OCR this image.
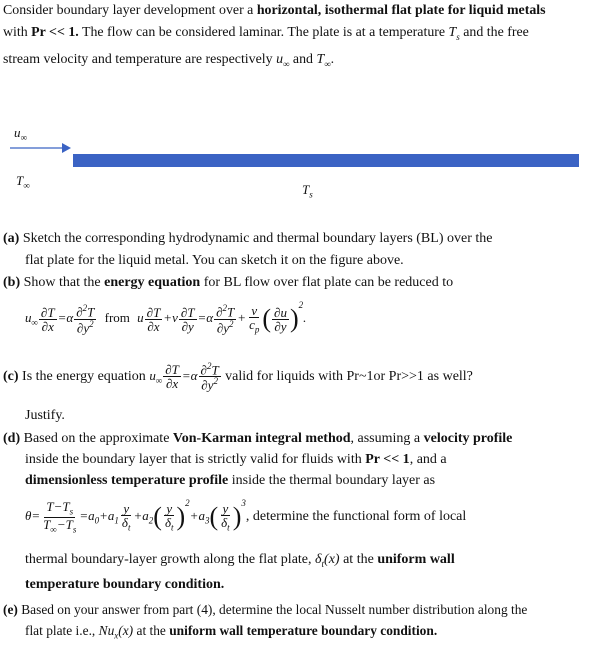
Consider boundary layer development over a horizontal, isothermal flat plate for liquid metals
with Pr << 1. The flow can be considered laminar. The plate is at a temperature $T_s$ and the free
stream velocity and temperature are respectively $u_\infty$ and $T_\infty$.
$u_\infty$
$T_\infty$	$T_s$
(a) Sketch the corresponding hydrodynamic and thermal boundary layers (BL) over the
flat plate for the liquid metal. You can sketch it on the figure above.
(b) Show that the energy equation for BL flow over flat plate can be reduced to
$u_\infty \frac{\partial T}{\partial x} =\alpha \frac{\partial^2T}{\partial y^2}$ from u $\frac{\partial T}{\partial x} +v \frac{\partial T}{\partial y} =\alpha \frac{\partial^2T}{\partial y^2} + \frac{\nu}{c_p}$ ( $\frac{\partial u}{\partial y} )^2$.
(c) Is the energy equation $u_\infty \frac{\partial T}{\partial x} =\alpha \frac{\partial^2T}{\partial y^2}$ valid for liquids with Pr~1or Pr>>1 as well?
Justify.
(d) Based on the approximate Von-Karman integral method, assuming a velocity profile
inside the boundary layer that is strictly valid for fluids with Pr << 1, and a
dimensionless temperature profile inside the thermal boundary layer as
$\theta= \frac{T-T_s}{T_\infty-T_s} =a_0+a_1 \frac{y}{\delta_t} +a_2( \frac{y}{\delta_t} )^2+a_3( \frac{y}{\delta_t} )^3$, determine the functional form of local
thermal boundary-layer growth along the flat plate, $\delta_t(x)$ at the uniform wall
temperature boundary condition.
(e) Based on your answer from part (4), determine the local Nusselt number distribution along the
flat plate i.e., $Nu_x(x)$ at the uniform wall temperature boundary condition.
